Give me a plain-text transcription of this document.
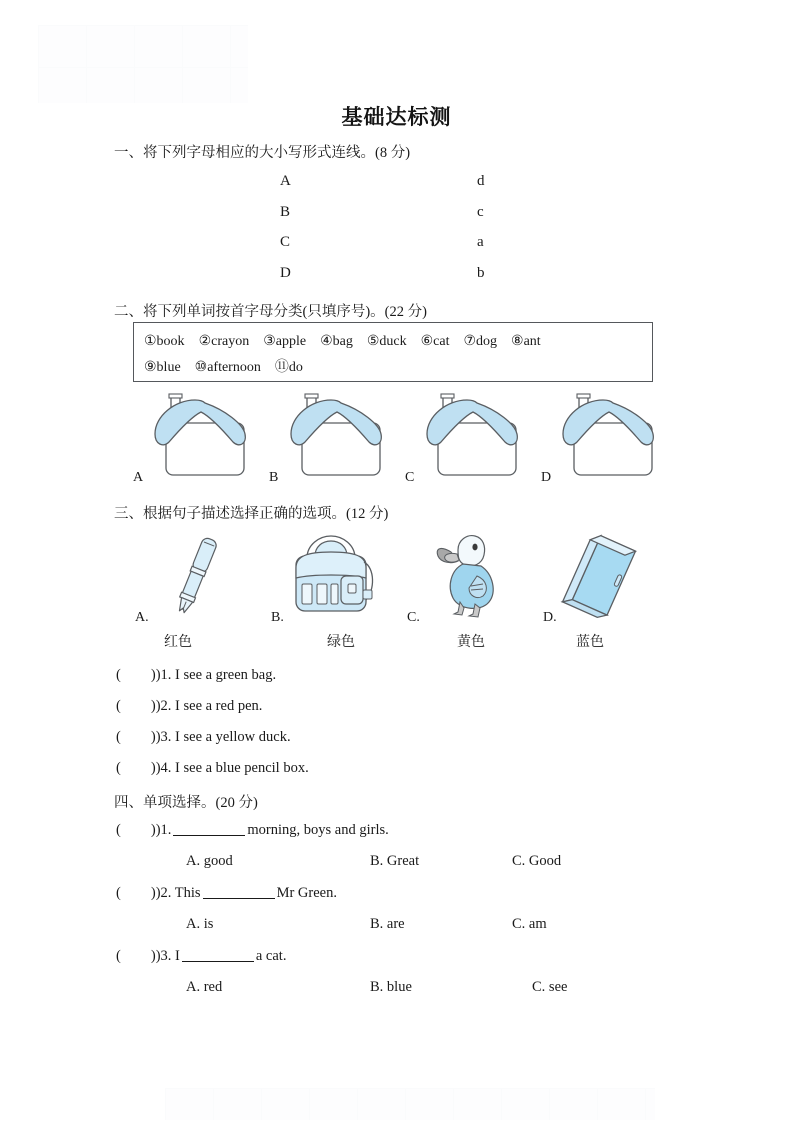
基础达标测
一、将下列字母相应的大小写形式连线。(8 分)
A	d
B	c
C	a
D	b
二、将下列单词按首字母分类(只填序号)。(22 分)
①book ②crayon ③apple ④bag ⑤duck ⑥cat ⑦dog ⑧ant
⑨blue ⑩afternoon ⑪do
A	B	C	D
三、根据句子描述选择正确的选项。(12 分)
A.	B.	C.	D.
红色	绿色	黄色	蓝色
( ))1. I see a green bag.
( ))2. I see a red pen.
( ))3. I see a yellow duck.
( ))4. I see a blue pencil box.
四、单项选择。(20 分)
( ))1.	morning, boys and girls.
A. good	B. Great	C. Good
( ))2. This	Mr Green.
A. is	B. are	C. am
( ))3. I	a cat.
A. red	B. blue	C. see
